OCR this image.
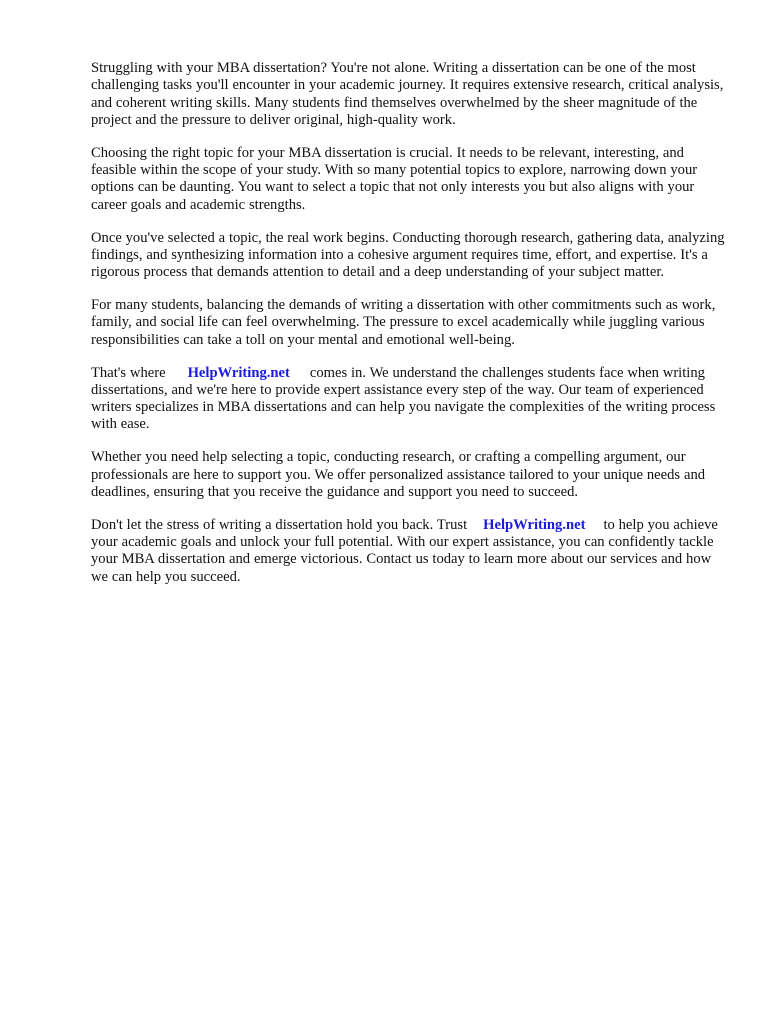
Struggling with your MBA dissertation? You're not alone. Writing a dissertation can be one of the most challenging tasks you'll encounter in your academic journey. It requires extensive research, critical analysis, and coherent writing skills. Many students find themselves overwhelmed by the sheer magnitude of the project and the pressure to deliver original, high-quality work.

Choosing the right topic for your MBA dissertation is crucial. It needs to be relevant, interesting, and feasible within the scope of your study. With so many potential topics to explore, narrowing down your options can be daunting. You want to select a topic that not only interests you but also aligns with your career goals and academic strengths.

Once you've selected a topic, the real work begins. Conducting thorough research, gathering data, analyzing findings, and synthesizing information into a cohesive argument requires time, effort, and expertise. It's a rigorous process that demands attention to detail and a deep understanding of your subject matter.

For many students, balancing the demands of writing a dissertation with other commitments such as work, family, and social life can feel overwhelming. The pressure to excel academically while juggling various responsibilities can take a toll on your mental and emotional well-being.

That's where HelpWriting.net comes in. We understand the challenges students face when writing dissertations, and we're here to provide expert assistance every step of the way. Our team of experienced writers specializes in MBA dissertations and can help you navigate the complexities of the writing process with ease.

Whether you need help selecting a topic, conducting research, or crafting a compelling argument, our professionals are here to support you. We offer personalized assistance tailored to your unique needs and deadlines, ensuring that you receive the guidance and support you need to succeed.

Don't let the stress of writing a dissertation hold you back. Trust HelpWriting.net to help you achieve your academic goals and unlock your full potential. With our expert assistance, you can confidently tackle your MBA dissertation and emerge victorious. Contact us today to learn more about our services and how we can help you succeed.
